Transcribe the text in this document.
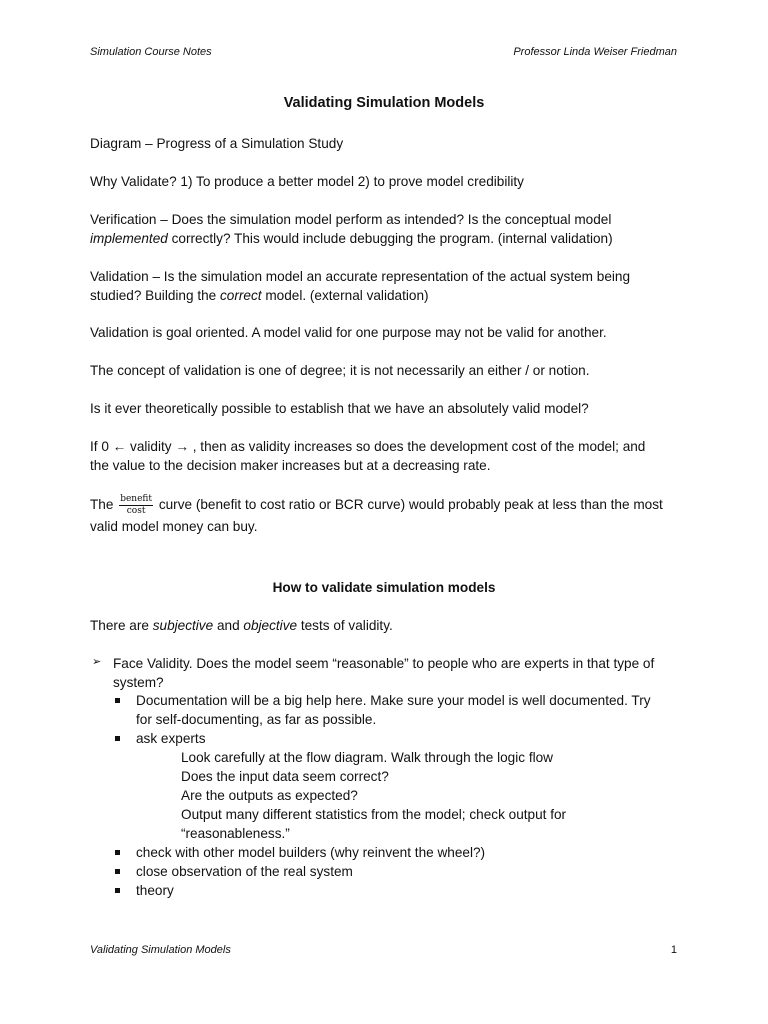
Simulation Course Notes	Professor Linda Weiser Friedman
Validating Simulation Models
Diagram – Progress of a Simulation Study
Why Validate? 1) To produce a better model 2) to prove model credibility
Verification – Does the simulation model perform as intended? Is the conceptual model
implemented correctly? This would include debugging the program. (internal validation)
Validation – Is the simulation model an accurate representation of the actual system being
studied? Building the correct model. (external validation)
Validation is goal oriented. A model valid for one purpose may not be valid for another.
The concept of validation is one of degree; it is not necessarily an either / or notion.
Is it ever theoretically possible to establish that we have an absolutely valid model?
If 0 ← validity → , then as validity increases so does the development cost of the model; and
the value to the decision maker increases but at a decreasing rate.
The $\frac{\text{benefit}}{\cos t}$ curve (benefit to cost ratio or BCR curve) would probably peak at less than the most
valid model money can buy.
How to validate simulation models
There are subjective and objective tests of validity.
➢ Face Validity. Does the model seem “reasonable” to people who are experts in that type of
system?
Documentation will be a big help here. Make sure your model is well documented. Try
for self-documenting, as far as possible.
ask experts
Look carefully at the flow diagram. Walk through the logic flow
Does the input data seem correct?
Are the outputs as expected?
Output many different statistics from the model; check output for
“reasonableness.”
check with other model builders (why reinvent the wheel?)
close observation of the real system
theory
Validating Simulation Models	1
